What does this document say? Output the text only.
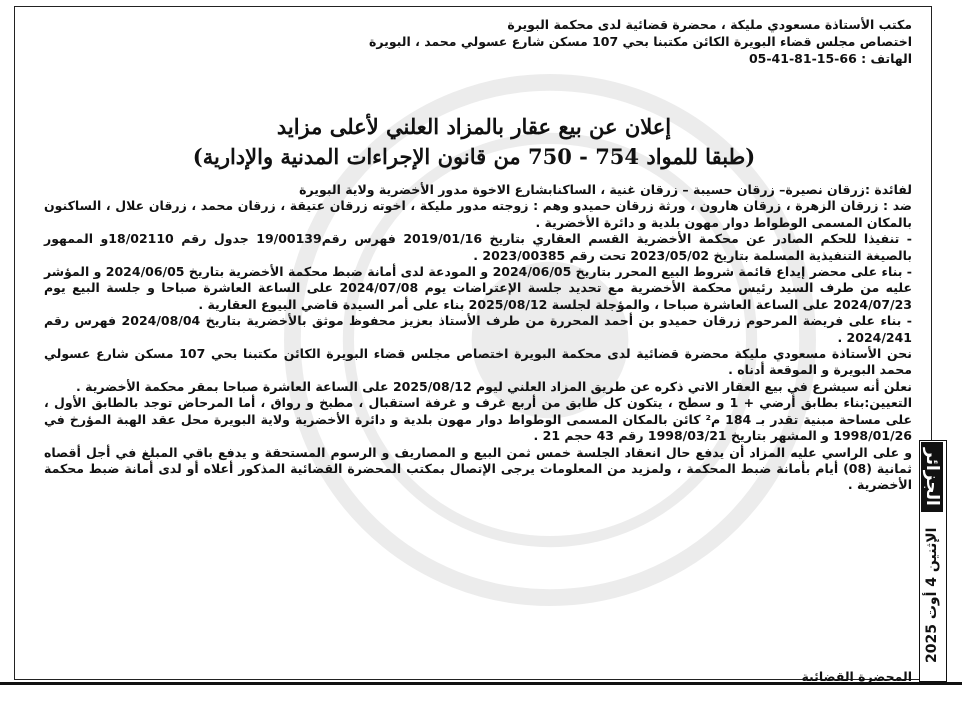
مكتب الأستاذة مسعودي مليكة ، محضرة قضائية لدى محكمة البويرة
اختصاص مجلس قضاء البويرة الكائن مكتبنا بحي 107 مسكن شارع عسولي محمد ، البويرة
الهاتف : 66-15-81-41-05
إعلان عن بيع عقار بالمزاد العلني لأعلى مزايد
(طبقا للمواد 754 - 750 من قانون الإجراءات المدنية والإدارية)

لفائدة :زرقان نصيرة– زرقان حسيبة – زرقان غنية ، الساكنابشارع الاخوة مدور الأخضرية ولاية البويرة

ضد : زرقان الزهرة ، زرقان هارون ، ورثة زرقان حميدو وهم : زوجته مدور مليكة ، اخوته زرقان عتيقة ، زرقان محمد ، زرقان علال ، الساكنون بالمكان المسمى الوطواط دوار مهون بلدية و دائرة الأخضرية .

- تنفيذا للحكم الصادر عن محكمة الأخضرية القسم العقاري بتاريخ 2019/01/16 فهرس رقم19/00139 جدول رقم 18/02110و الممهور بالصيغة التنفيذية المسلمة بتاريخ 2023/05/02 تحت رقم 2023/00385 .

- بناء على محضر إيداع قائمة شروط البيع المحرر بتاريخ 2024/06/05 و المودعة لدى أمانة ضبط محكمة الأخضرية بتاريخ 2024/06/05 و المؤشر عليه من طرف السيد رئيس محكمة الأخضرية مع تحديد جلسة الإعتراضات يوم 2024/07/08 على الساعة العاشرة صباحا و جلسة البيع يوم 2024/07/23 على الساعة العاشرة صباحا ، والمؤجلة لجلسة 2025/08/12 بناء على أمر السيدة قاضي البيوع العقارية .

- بناء على فريضة المرحوم زرقان حميدو بن أحمد المحررة من طرف الأستاذ بعزيز محفوظ موثق بالأخضرية بتاريخ 2024/08/04 فهرس رقم 2024/241 .

نحن الأستاذة مسعودي مليكة محضرة قضائية لدى محكمة البويرة اختصاص مجلس قضاء البويرة الكائن مكتبنا بحي 107 مسكن شارع عسولي محمد البويرة و الموقعة أدناه .

نعلن أنه سيشرع في بيع العقار الاتي ذكره عن طريق المزاد العلني ليوم 2025/08/12 على الساعة العاشرة صباحا بمقر محكمة الأخضرية .

التعيين:بناء بطابق أرضي + 1 و سطح ، يتكون كل طابق من أربع غرف و غرفة استقبال ، مطبخ و رواق ، أما المرحاض توجد بالطابق الأول ، على مساحة مبنية تقدر بـ 184 م² كائن بالمكان المسمى الوطواط دوار مهون بلدية و دائرة الأخضرية ولاية البويرة محل عقد الهبة المؤرخ في 1998/01/26 و المشهر بتاريخ 1998/03/21 رقم 43 حجم 21 .

و على الراسي عليه المزاد أن يدفع حال انعقاد الجلسة خمس ثمن البيع و المصاريف و الرسوم المستحقة و يدفع باقي المبلغ في أجل أقصاه ثمانية (08) أيام بأمانة ضبط المحكمة ، ولمزيد من المعلومات يرجى الإتصال بمكتب المحضرة القضائية المذكور أعلاه أو لدى أمانة ضبط محكمة الأخضرية .

المحضرة القضائية
الجزائر
الإثنين 4 أوت 2025
